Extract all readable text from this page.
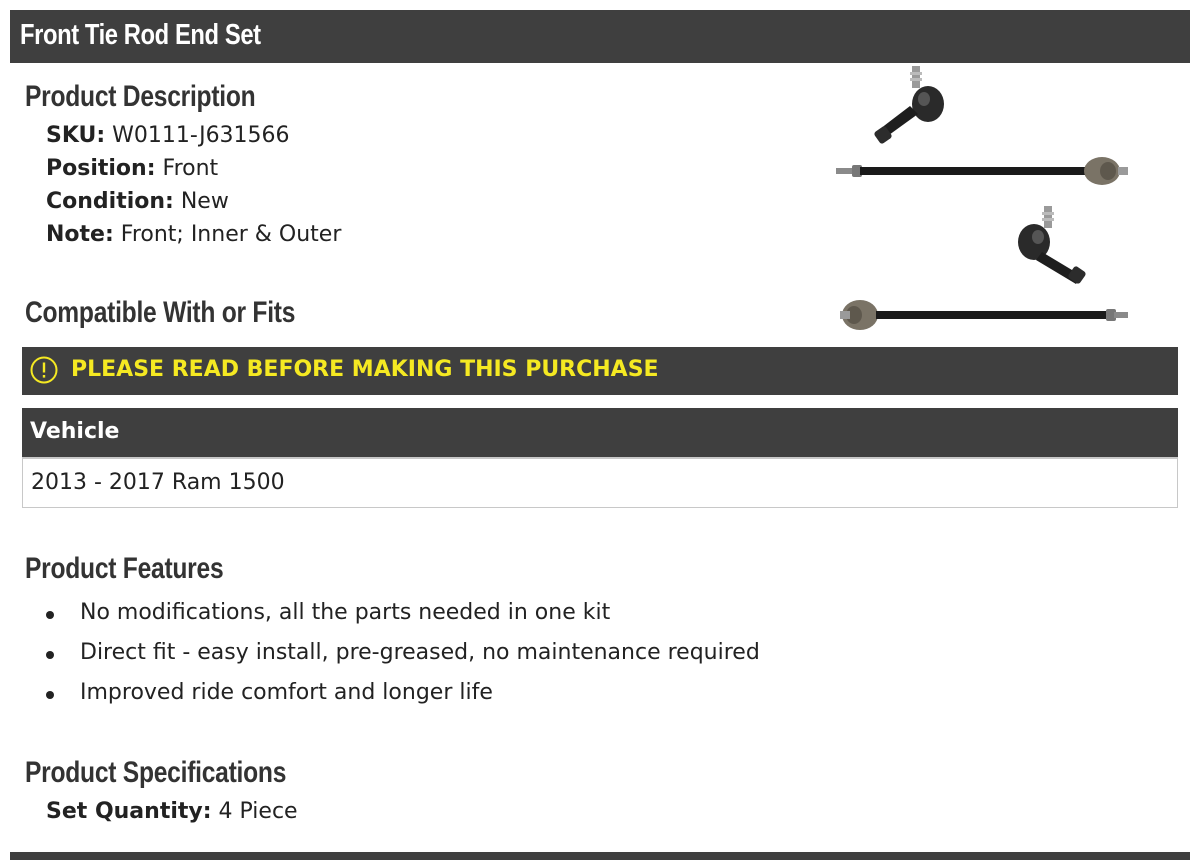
Front Tie Rod End Set
Product Description
SKU: W0111-J631566
Position: Front
Condition: New
Note: Front; Inner & Outer
Compatible With or Fits
PLEASE READ BEFORE MAKING THIS PURCHASE
Vehicle
2013 - 2017 Ram 1500
Product Features
No modifications, all the parts needed in one kit
Direct fit - easy install, pre-greased, no maintenance required
Improved ride comfort and longer life
Product Specifications
Set Quantity: 4 Piece
